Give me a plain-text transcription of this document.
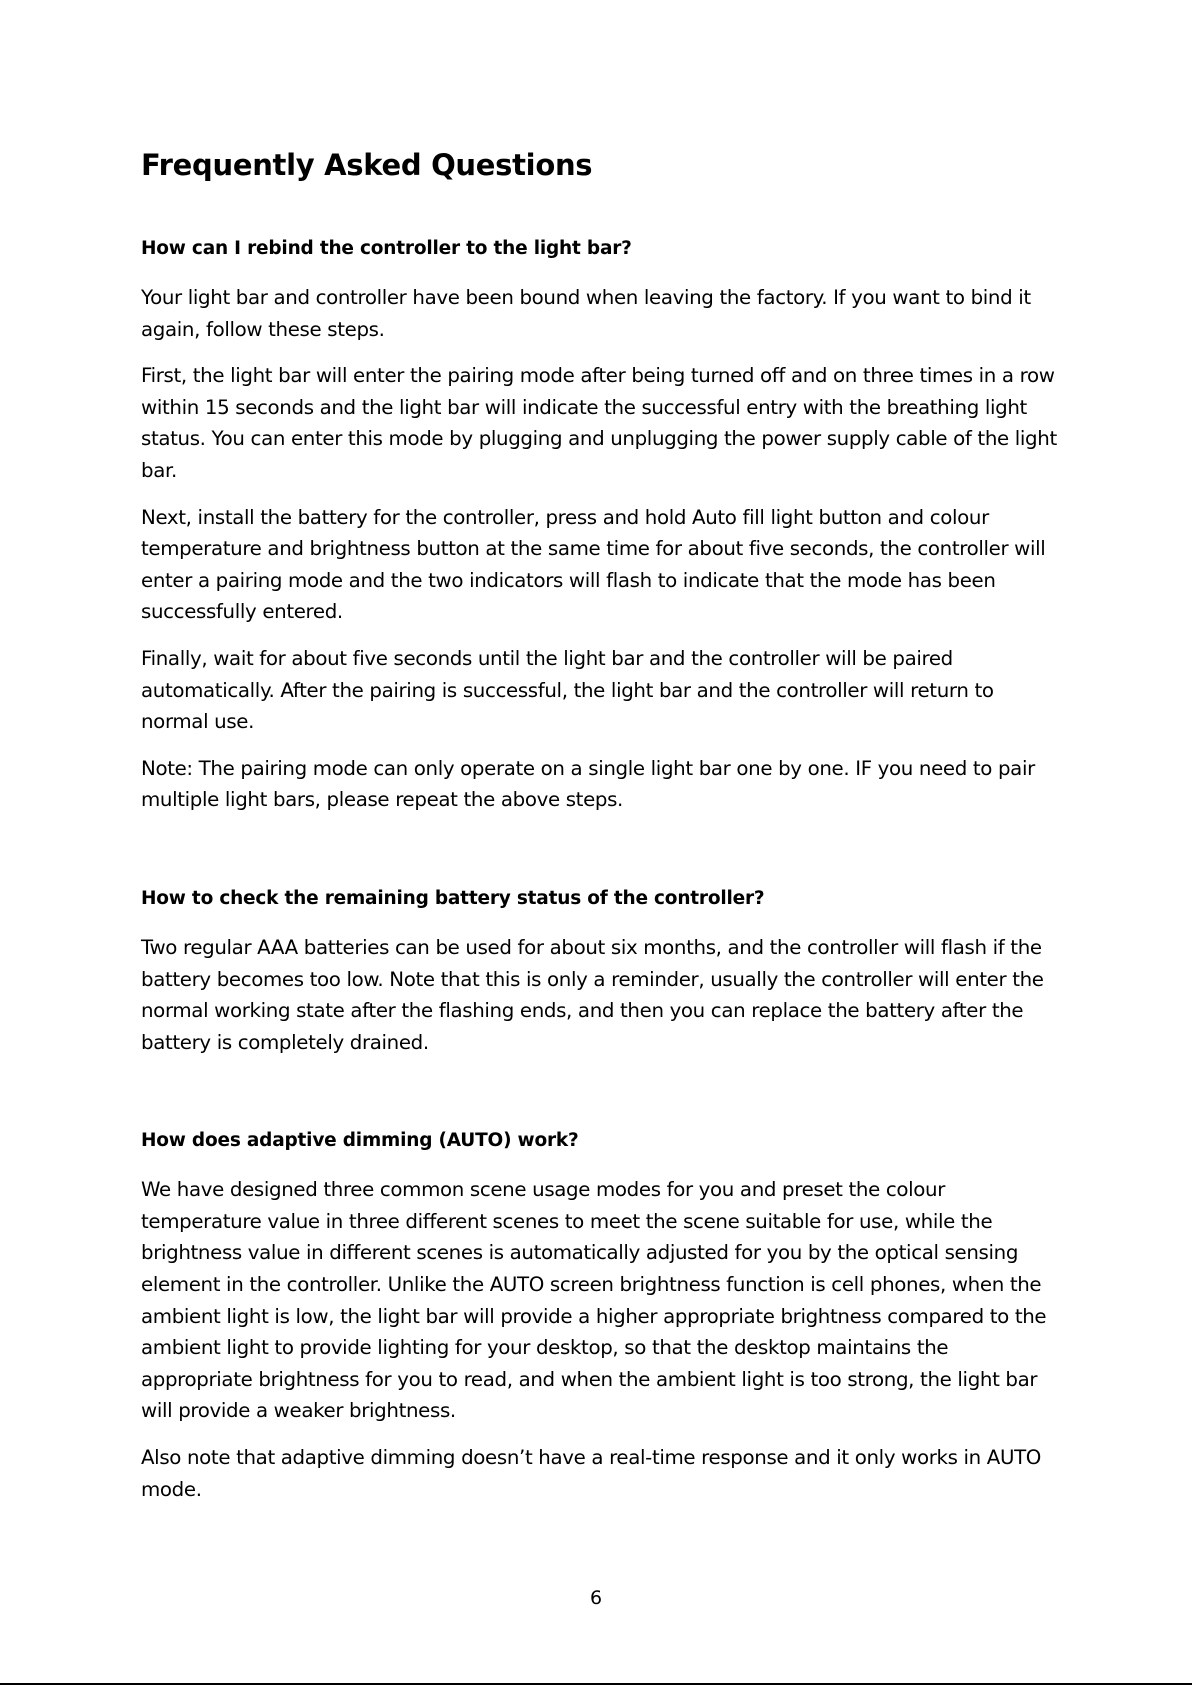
Frequently Asked Questions
How can I rebind the controller to the light bar?

Your light bar and controller have been bound when leaving the factory. If you want to bind it again, follow these steps.

First, the light bar will enter the pairing mode after being turned off and on three times in a row within 15 seconds and the light bar will indicate the successful entry with the breathing light status. You can enter this mode by plugging and unplugging the power supply cable of the light bar.

Next, install the battery for the controller, press and hold Auto fill light button and colour temperature and brightness button at the same time for about five seconds, the controller will enter a pairing mode and the two indicators will flash to indicate that the mode has been successfully entered.

Finally, wait for about five seconds until the light bar and the controller will be paired automatically. After the pairing is successful, the light bar and the controller will return to normal use.

Note: The pairing mode can only operate on a single light bar one by one. IF you need to pair multiple light bars, please repeat the above steps.

How to check the remaining battery status of the controller?

Two regular AAA batteries can be used for about six months, and the controller will flash if the battery becomes too low. Note that this is only a reminder, usually the controller will enter the normal working state after the flashing ends, and then you can replace the battery after the battery is completely drained.

How does adaptive dimming (AUTO) work?

We have designed three common scene usage modes for you and preset the colour temperature value in three different scenes to meet the scene suitable for use, while the brightness value in different scenes is automatically adjusted for you by the optical sensing element in the controller. Unlike the AUTO screen brightness function is cell phones, when the ambient light is low, the light bar will provide a higher appropriate brightness compared to the ambient light to provide lighting for your desktop, so that the desktop maintains the appropriate brightness for you to read, and when the ambient light is too strong, the light bar will provide a weaker brightness.

Also note that adaptive dimming doesn’t have a real-time response and it only works in AUTO mode.

6
